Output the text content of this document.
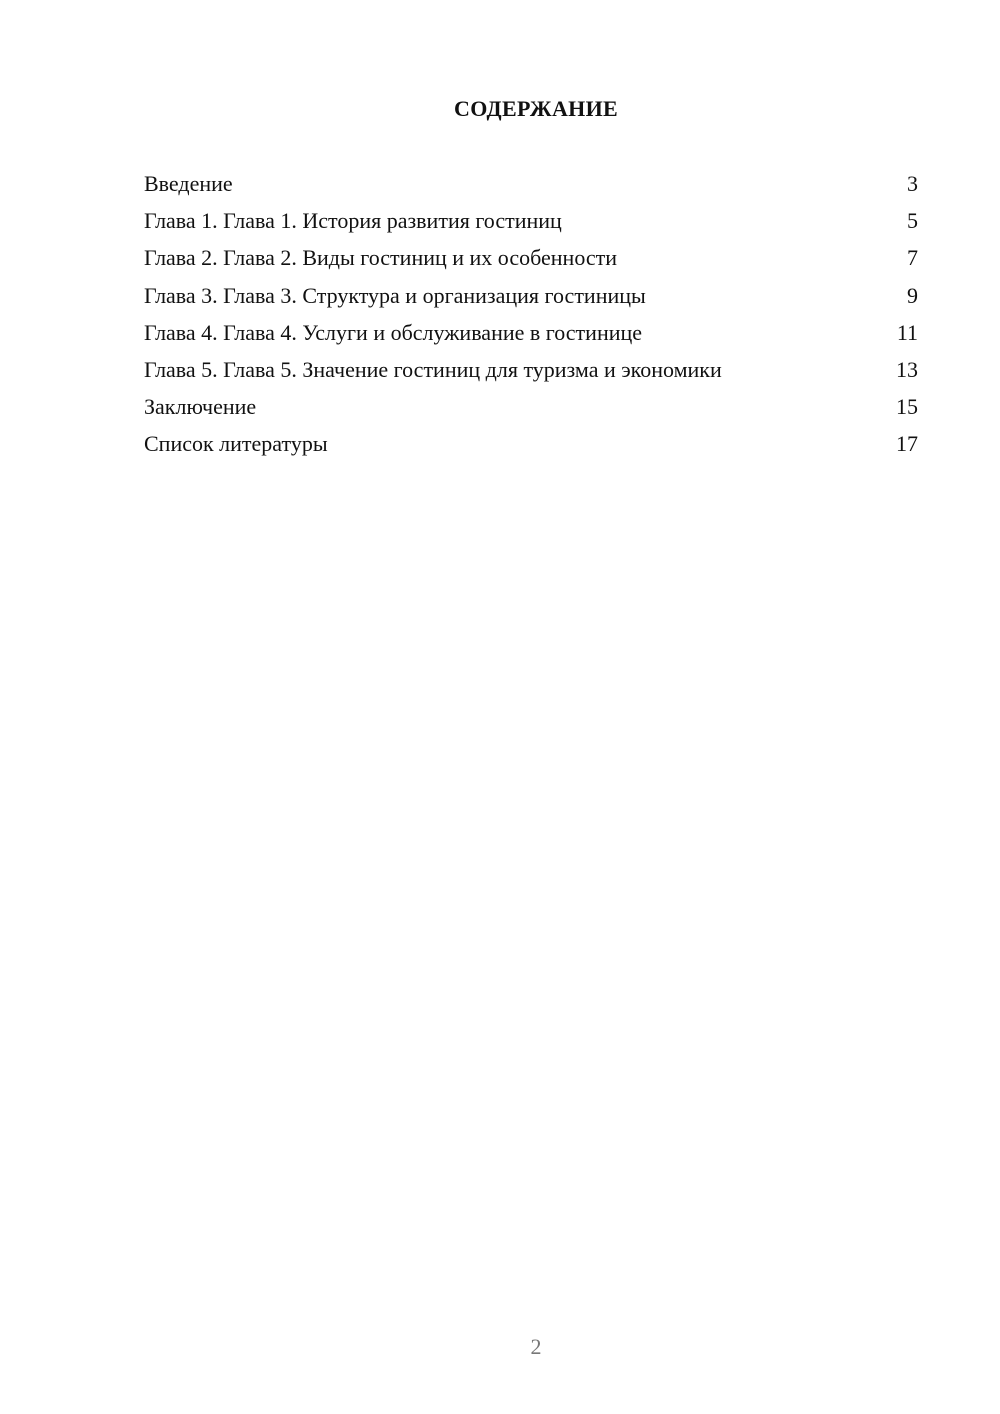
СОДЕРЖАНИЕ
Введение	3
Глава 1. Глава 1. История развития гостиниц	5
Глава 2. Глава 2. Виды гостиниц и их особенности	7
Глава 3. Глава 3. Структура и организация гостиницы	9
Глава 4. Глава 4. Услуги и обслуживание в гостинице	11
Глава 5. Глава 5. Значение гостиниц для туризма и экономики	13
Заключение	15
Список литературы	17
2
